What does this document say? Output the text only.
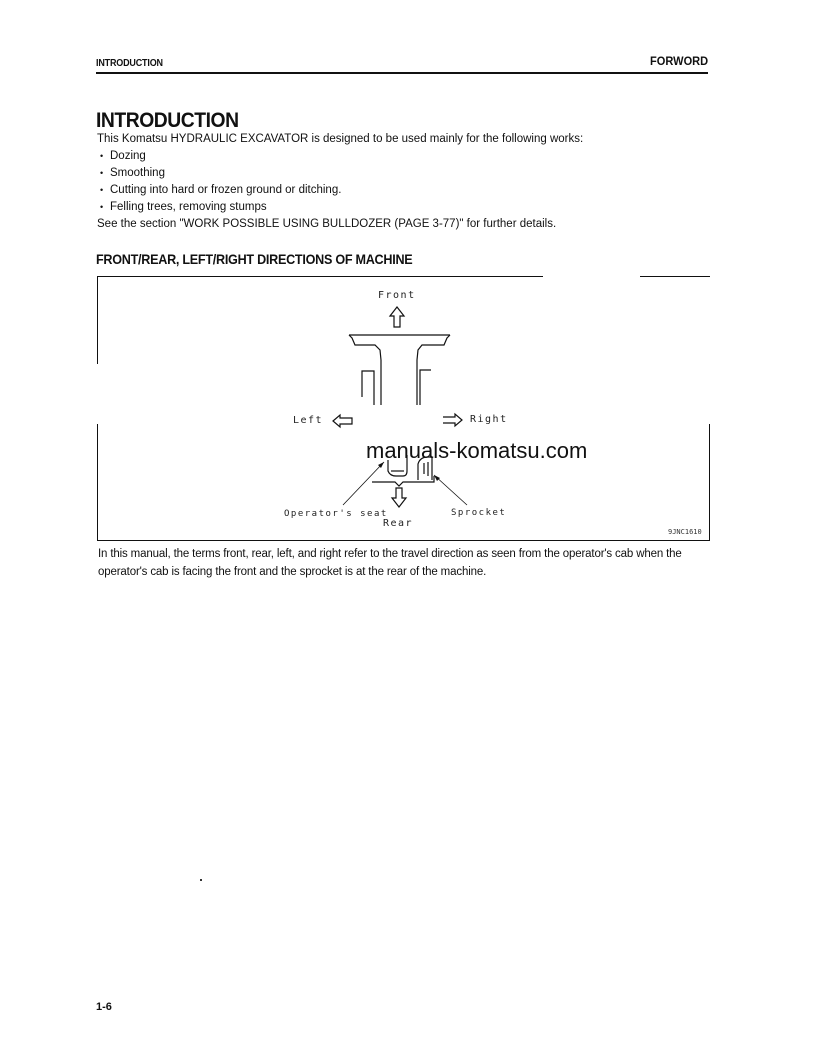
INTRODUCTION	FORWORD
INTRODUCTION
This Komatsu HYDRAULIC EXCAVATOR is designed to be used mainly for the following works:
• Dozing
• Smoothing
• Cutting into hard or frozen ground or ditching.
• Felling trees, removing stumps
See the section "WORK POSSIBLE USING BULLDOZER (PAGE 3-77)" for further details.
FRONT/REAR, LEFT/RIGHT DIRECTIONS OF MACHINE
Front
Left	Right
Operator's seat	Sprocket
Rear
9JNC1610
manuals-komatsu.com
In this manual, the terms front, rear, left, and right refer to the travel direction as seen from the operator's cab when the operator's cab is facing the front and the sprocket is at the rear of the machine.
1-6
